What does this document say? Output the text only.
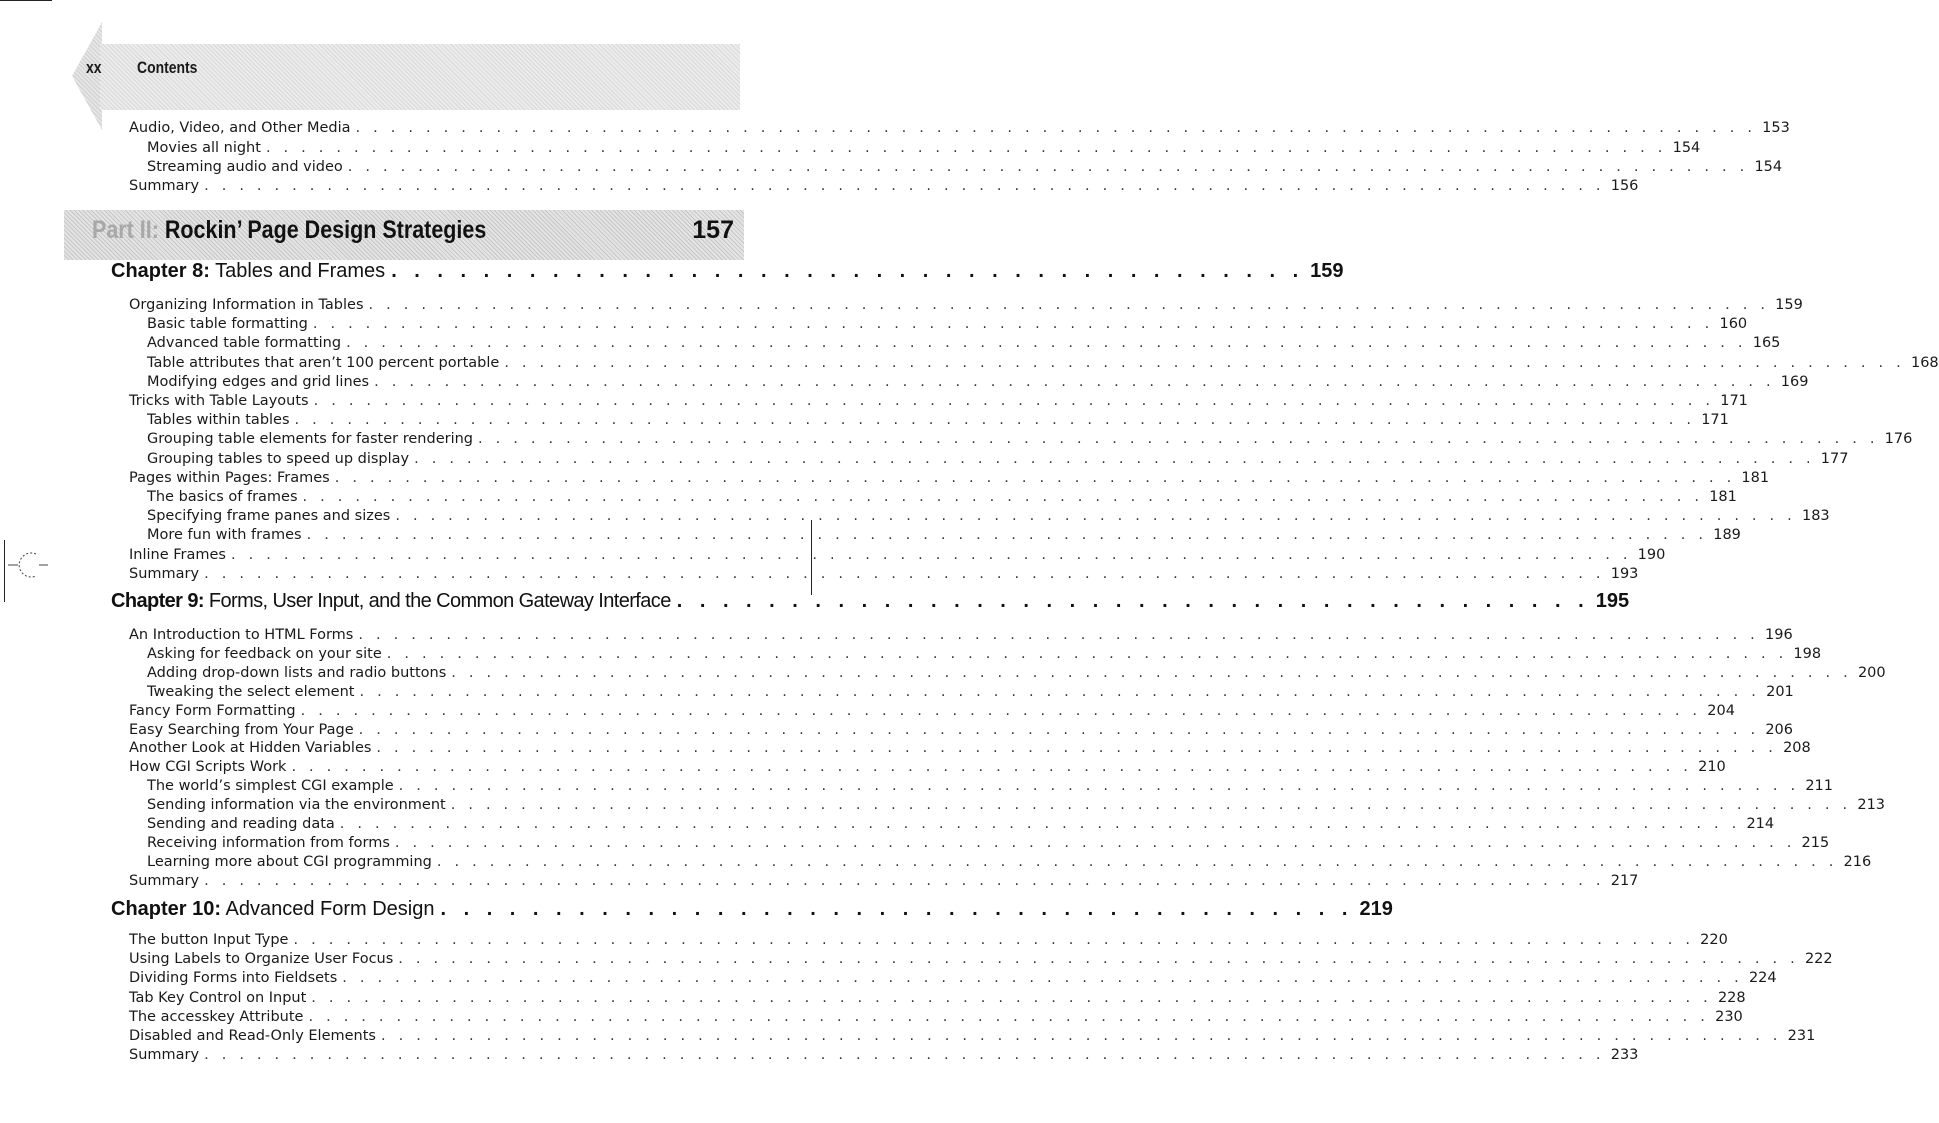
xx Contents
Audio, Video, and Other Media . . . . . . . . . . . . . . . . . . . . . . . . . . . . . . . . . . . . . . . . . . . . . . . . . . . . . . . . . . . . . . . . . . . . . . . . . . . . . . . . 153
Movies all night . . . . . . . . . . . . . . . . . . . . . . . . . . . . . . . . . . . . . . . . . . . . . . . . . . . . . . . . . . . . . . . . . . . . . . . . . . . . . . . . 154
Streaming audio and video . . . . . . . . . . . . . . . . . . . . . . . . . . . . . . . . . . . . . . . . . . . . . . . . . . . . . . . . . . . . . . . . . . . . . . . . . . . . . . . . 154
Summary . . . . . . . . . . . . . . . . . . . . . . . . . . . . . . . . . . . . . . . . . . . . . . . . . . . . . . . . . . . . . . . . . . . . . . . . . . . . . . . . 156
Part II: Rockin’ Page Design Strategies	157
Chapter 8: Tables and Frames . . . . . . . . . . . . . . . . . . . . . . . . . . . . . . . . . . . . . . . . 159
Organizing Information in Tables . . . . . . . . . . . . . . . . . . . . . . . . . . . . . . . . . . . . . . . . . . . . . . . . . . . . . . . . . . . . . . . . . . . . . . . . . . . . . . . . 159
Basic table formatting . . . . . . . . . . . . . . . . . . . . . . . . . . . . . . . . . . . . . . . . . . . . . . . . . . . . . . . . . . . . . . . . . . . . . . . . . . . . . . . . 160
Advanced table formatting . . . . . . . . . . . . . . . . . . . . . . . . . . . . . . . . . . . . . . . . . . . . . . . . . . . . . . . . . . . . . . . . . . . . . . . . . . . . . . . . 165
Table attributes that aren’t 100 percent portable . . . . . . . . . . . . . . . . . . . . . . . . . . . . . . . . . . . . . . . . . . . . . . . . . . . . . . . . . . . . . . . . . . . . . . . . . . . . . . . . 168
Modifying edges and grid lines . . . . . . . . . . . . . . . . . . . . . . . . . . . . . . . . . . . . . . . . . . . . . . . . . . . . . . . . . . . . . . . . . . . . . . . . . . . . . . . . 169
Tricks with Table Layouts . . . . . . . . . . . . . . . . . . . . . . . . . . . . . . . . . . . . . . . . . . . . . . . . . . . . . . . . . . . . . . . . . . . . . . . . . . . . . . . . 171
Tables within tables . . . . . . . . . . . . . . . . . . . . . . . . . . . . . . . . . . . . . . . . . . . . . . . . . . . . . . . . . . . . . . . . . . . . . . . . . . . . . . . . 171
Grouping table elements for faster rendering . . . . . . . . . . . . . . . . . . . . . . . . . . . . . . . . . . . . . . . . . . . . . . . . . . . . . . . . . . . . . . . . . . . . . . . . . . . . . . . . 176
Grouping tables to speed up display . . . . . . . . . . . . . . . . . . . . . . . . . . . . . . . . . . . . . . . . . . . . . . . . . . . . . . . . . . . . . . . . . . . . . . . . . . . . . . . . 177
Pages within Pages: Frames . . . . . . . . . . . . . . . . . . . . . . . . . . . . . . . . . . . . . . . . . . . . . . . . . . . . . . . . . . . . . . . . . . . . . . . . . . . . . . . . 181
The basics of frames . . . . . . . . . . . . . . . . . . . . . . . . . . . . . . . . . . . . . . . . . . . . . . . . . . . . . . . . . . . . . . . . . . . . . . . . . . . . . . . . 181
Specifying frame panes and sizes . . . . . . . . . . . . . . . . . . . . . . . . . . . . . . . . . . . . . . . . . . . . . . . . . . . . . . . . . . . . . . . . . . . . . . . . . . . . . . . . 183
More fun with frames . . . . . . . . . . . . . . . . . . . . . . . . . . . . . . . . . . . . . . . . . . . . . . . . . . . . . . . . . . . . . . . . . . . . . . . . . . . . . . . . 189
Inline Frames . . . . . . . . . . . . . . . . . . . . . . . . . . . . . . . . . . . . . . . . . . . . . . . . . . . . . . . . . . . . . . . . . . . . . . . . . . . . . . . . 190
Summary . . . . . . . . . . . . . . . . . . . . . . . . . . . . . . . . . . . . . . . . . . . . . . . . . . . . . . . . . . . . . . . . . . . . . . . . . . . . . . . . 193
Chapter 9: Forms, User Input, and the Common Gateway Interface . . . . . . . . . . . . . . . . . . . . . . . . . . . . . . . . . . . . . . . . 195
An Introduction to HTML Forms . . . . . . . . . . . . . . . . . . . . . . . . . . . . . . . . . . . . . . . . . . . . . . . . . . . . . . . . . . . . . . . . . . . . . . . . . . . . . . . . 196
Asking for feedback on your site . . . . . . . . . . . . . . . . . . . . . . . . . . . . . . . . . . . . . . . . . . . . . . . . . . . . . . . . . . . . . . . . . . . . . . . . . . . . . . . . 198
Adding drop-down lists and radio buttons . . . . . . . . . . . . . . . . . . . . . . . . . . . . . . . . . . . . . . . . . . . . . . . . . . . . . . . . . . . . . . . . . . . . . . . . . . . . . . . . 200
Tweaking the select element . . . . . . . . . . . . . . . . . . . . . . . . . . . . . . . . . . . . . . . . . . . . . . . . . . . . . . . . . . . . . . . . . . . . . . . . . . . . . . . . 201
Fancy Form Formatting . . . . . . . . . . . . . . . . . . . . . . . . . . . . . . . . . . . . . . . . . . . . . . . . . . . . . . . . . . . . . . . . . . . . . . . . . . . . . . . . 204
Easy Searching from Your Page . . . . . . . . . . . . . . . . . . . . . . . . . . . . . . . . . . . . . . . . . . . . . . . . . . . . . . . . . . . . . . . . . . . . . . . . . . . . . . . . 206
Another Look at Hidden Variables . . . . . . . . . . . . . . . . . . . . . . . . . . . . . . . . . . . . . . . . . . . . . . . . . . . . . . . . . . . . . . . . . . . . . . . . . . . . . . . . 208
How CGI Scripts Work . . . . . . . . . . . . . . . . . . . . . . . . . . . . . . . . . . . . . . . . . . . . . . . . . . . . . . . . . . . . . . . . . . . . . . . . . . . . . . . . 210
The world’s simplest CGI example . . . . . . . . . . . . . . . . . . . . . . . . . . . . . . . . . . . . . . . . . . . . . . . . . . . . . . . . . . . . . . . . . . . . . . . . . . . . . . . . 211
Sending information via the environment . . . . . . . . . . . . . . . . . . . . . . . . . . . . . . . . . . . . . . . . . . . . . . . . . . . . . . . . . . . . . . . . . . . . . . . . . . . . . . . . 213
Sending and reading data . . . . . . . . . . . . . . . . . . . . . . . . . . . . . . . . . . . . . . . . . . . . . . . . . . . . . . . . . . . . . . . . . . . . . . . . . . . . . . . . 214
Receiving information from forms . . . . . . . . . . . . . . . . . . . . . . . . . . . . . . . . . . . . . . . . . . . . . . . . . . . . . . . . . . . . . . . . . . . . . . . . . . . . . . . . 215
Learning more about CGI programming . . . . . . . . . . . . . . . . . . . . . . . . . . . . . . . . . . . . . . . . . . . . . . . . . . . . . . . . . . . . . . . . . . . . . . . . . . . . . . . . 216
Summary . . . . . . . . . . . . . . . . . . . . . . . . . . . . . . . . . . . . . . . . . . . . . . . . . . . . . . . . . . . . . . . . . . . . . . . . . . . . . . . . 217
Chapter 10: Advanced Form Design . . . . . . . . . . . . . . . . . . . . . . . . . . . . . . . . . . . . . . . . 219
The button Input Type . . . . . . . . . . . . . . . . . . . . . . . . . . . . . . . . . . . . . . . . . . . . . . . . . . . . . . . . . . . . . . . . . . . . . . . . . . . . . . . . 220
Using Labels to Organize User Focus . . . . . . . . . . . . . . . . . . . . . . . . . . . . . . . . . . . . . . . . . . . . . . . . . . . . . . . . . . . . . . . . . . . . . . . . . . . . . . . . 222
Dividing Forms into Fieldsets . . . . . . . . . . . . . . . . . . . . . . . . . . . . . . . . . . . . . . . . . . . . . . . . . . . . . . . . . . . . . . . . . . . . . . . . . . . . . . . . 224
Tab Key Control on Input . . . . . . . . . . . . . . . . . . . . . . . . . . . . . . . . . . . . . . . . . . . . . . . . . . . . . . . . . . . . . . . . . . . . . . . . . . . . . . . . 228
The accesskey Attribute . . . . . . . . . . . . . . . . . . . . . . . . . . . . . . . . . . . . . . . . . . . . . . . . . . . . . . . . . . . . . . . . . . . . . . . . . . . . . . . . 230
Disabled and Read-Only Elements . . . . . . . . . . . . . . . . . . . . . . . . . . . . . . . . . . . . . . . . . . . . . . . . . . . . . . . . . . . . . . . . . . . . . . . . . . . . . . . . 231
Summary . . . . . . . . . . . . . . . . . . . . . . . . . . . . . . . . . . . . . . . . . . . . . . . . . . . . . . . . . . . . . . . . . . . . . . . . . . . . . . . . 233
